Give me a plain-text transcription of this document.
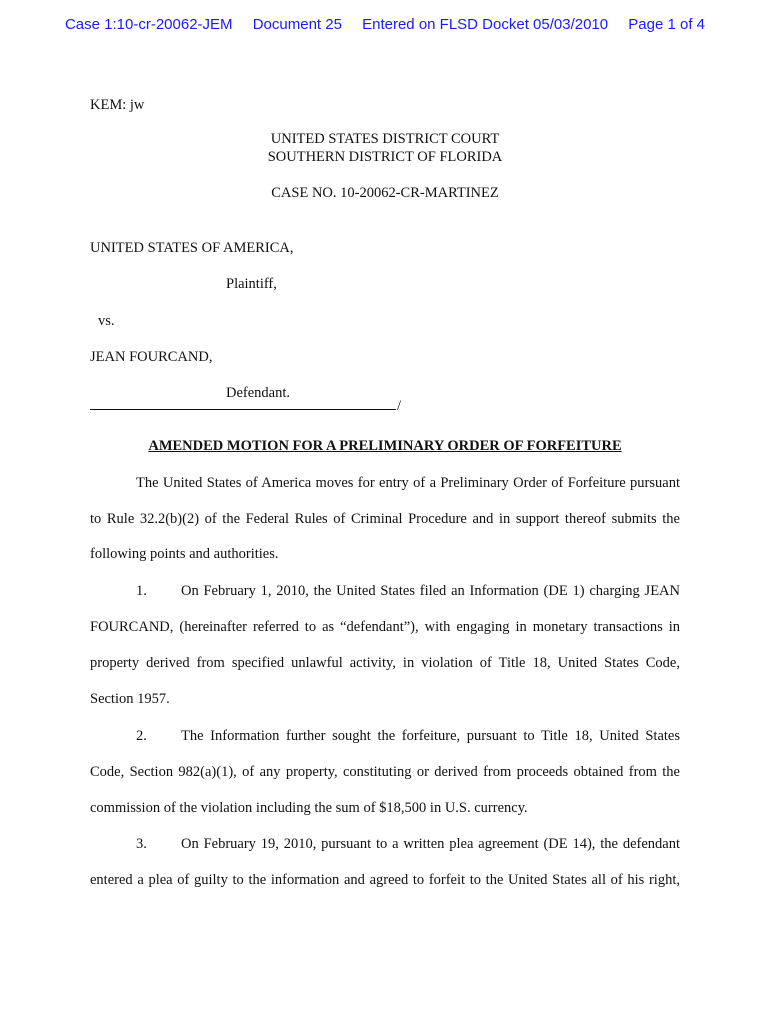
Case 1:10-cr-20062-JEM Document 25 Entered on FLSD Docket 05/03/2010 Page 1 of 4
KEM: jw
UNITED STATES DISTRICT COURT
SOUTHERN DISTRICT OF FLORIDA
CASE NO. 10-20062-CR-MARTINEZ
UNITED STATES OF AMERICA,
Plaintiff,
vs.
JEAN FOURCAND,
Defendant.
/
AMENDED MOTION FOR A PRELIMINARY ORDER OF FORFEITURE
The United States of America moves for entry of a Preliminary Order of Forfeiture pursuant
to Rule 32.2(b)(2) of the Federal Rules of Criminal Procedure and in support thereof submits the
following points and authorities.
1. On February 1, 2010, the United States filed an Information (DE 1) charging JEAN
FOURCAND, (hereinafter referred to as “defendant”), with engaging in monetary transactions in
property derived from specified unlawful activity, in violation of Title 18, United States Code,
Section 1957.
2. The Information further sought the forfeiture, pursuant to Title 18, United States
Code, Section 982(a)(1), of any property, constituting or derived from proceeds obtained from the
commission of the violation including the sum of $18,500 in U.S. currency.
3. On February 19, 2010, pursuant to a written plea agreement (DE 14), the defendant
entered a plea of guilty to the information and agreed to forfeit to the United States all of his right,
